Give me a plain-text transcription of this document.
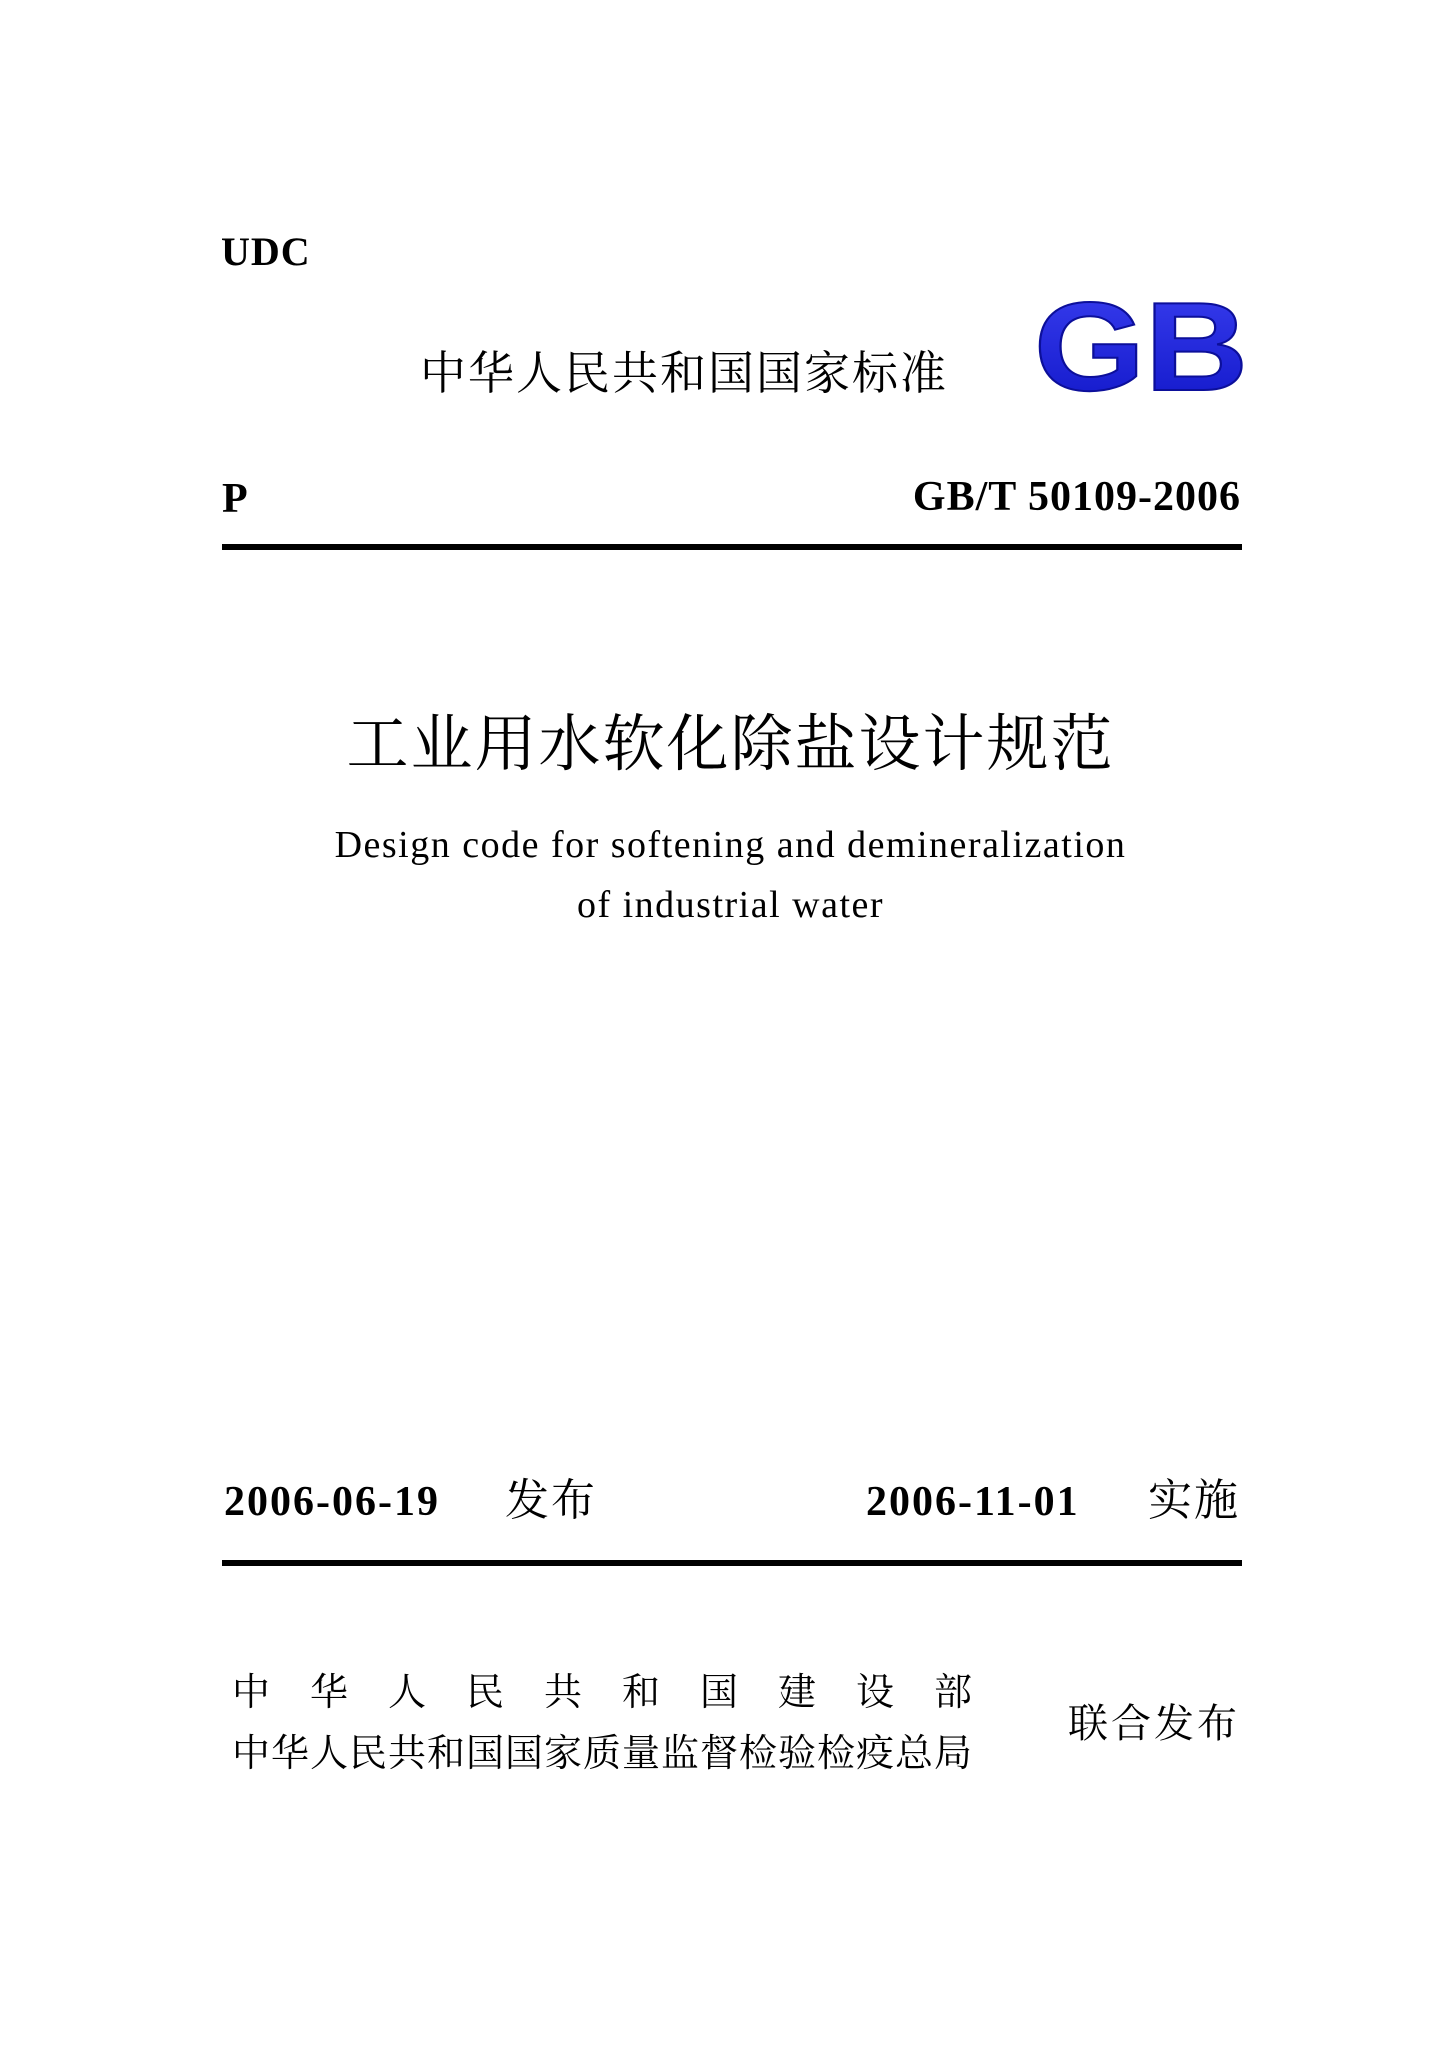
UDC
中华人民共和国国家标准 GB
P	GB/T 50109-2006
工业用水软化除盐设计规范
Design code for softening and demineralization
of industrial water
2006-06-19 发布	2006-11-01 实施
中华人民共和国建设部
中华人民共和国国家质量监督检验检疫总局
联合发布
